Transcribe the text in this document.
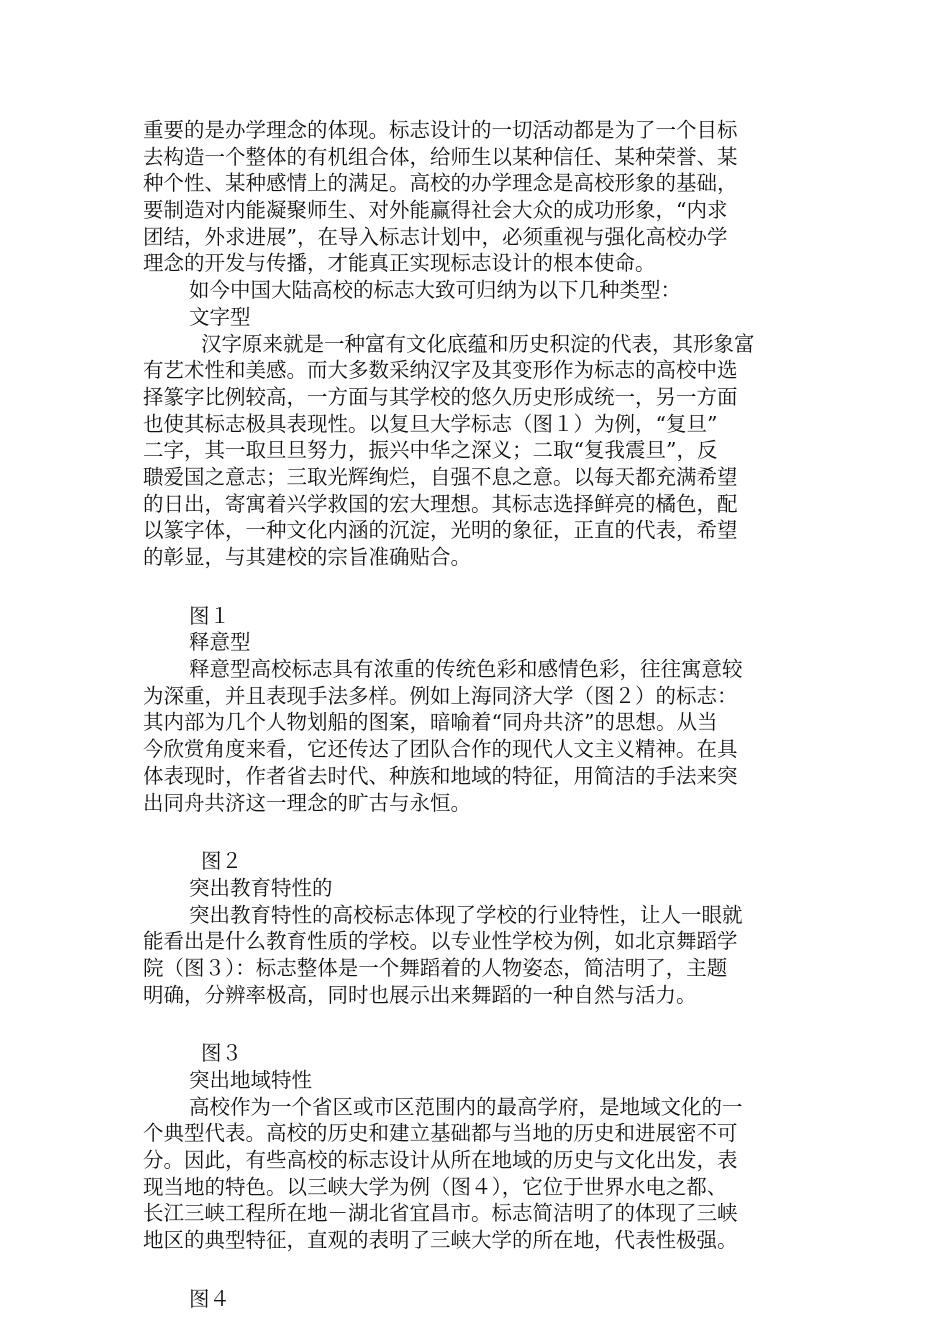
重要的是办学理念的体现。标志设计的一切活动都是为了一个目标
去构造一个整体的有机组合体，给师生以某种信任、某种荣誉、某
种个性、某种感情上的满足。高校的办学理念是高校形象的基础，
要制造对内能凝聚师生、对外能赢得社会大众的成功形象，“内求
团结，外求进展”，在导入标志计划中，必须重视与强化高校办学
理念的开发与传播，才能真正实现标志设计的根本使命。
如今中国大陆高校的标志大致可归纳为以下几种类型：
文字型
汉字原来就是一种富有文化底蕴和历史积淀的代表，其形象富
有艺术性和美感。而大多数采纳汉字及其变形作为标志的高校中选
择篆字比例较高，一方面与其学校的悠久历史形成统一，另一方面
也使其标志极具表现性。以复旦大学标志（图１）为例，“复旦”
二字，其一取旦旦努力，振兴中华之深义；二取“复我震旦”，反
聩爱国之意志；三取光辉绚烂，自强不息之意。以每天都充满希望
的日出，寄寓着兴学救国的宏大理想。其标志选择鲜亮的橘色，配
以篆字体，一种文化内涵的沉淀，光明的象征，正直的代表，希望
的彰显，与其建校的宗旨准确贴合。
图１
释意型
释意型高校标志具有浓重的传统色彩和感情色彩，往往寓意较
为深重，并且表现手法多样。例如上海同济大学（图２）的标志：
其内部为几个人物划船的图案，暗喻着“同舟共济”的思想。从当
今欣赏角度来看，它还传达了团队合作的现代人文主义精神。在具
体表现时，作者省去时代、种族和地域的特征，用简洁的手法来突
出同舟共济这一理念的旷古与永恒。
图２
突出教育特性的
突出教育特性的高校标志体现了学校的行业特性，让人一眼就
能看出是什么教育性质的学校。以专业性学校为例，如北京舞蹈学
院（图３）：标志整体是一个舞蹈着的人物姿态，简洁明了，主题
明确，分辨率极高，同时也展示出来舞蹈的一种自然与活力。
图３
突出地域特性
高校作为一个省区或市区范围内的最高学府，是地域文化的一
个典型代表。高校的历史和建立基础都与当地的历史和进展密不可
分。因此，有些高校的标志设计从所在地域的历史与文化出发，表
现当地的特色。以三峡大学为例（图４），它位于世界水电之都、
长江三峡工程所在地－湖北省宜昌市。标志简洁明了的体现了三峡
地区的典型特征，直观的表明了三峡大学的所在地，代表性极强。
图４
